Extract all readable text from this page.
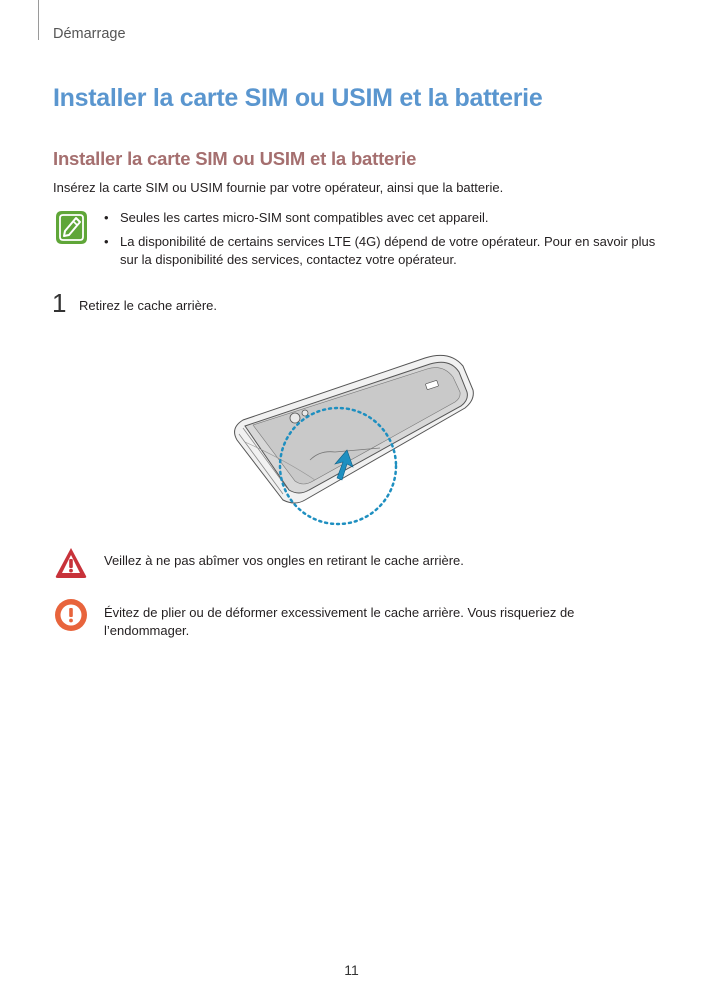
Démarrage
Installer la carte SIM ou USIM et la batterie
Installer la carte SIM ou USIM et la batterie
Insérez la carte SIM ou USIM fournie par votre opérateur, ainsi que la batterie.
• Seules les cartes micro-SIM sont compatibles avec cet appareil.
• La disponibilité de certains services LTE (4G) dépend de votre opérateur. Pour en savoir plus sur la disponibilité des services, contactez votre opérateur.
1 Retirez le cache arrière.
Veillez à ne pas abîmer vos ongles en retirant le cache arrière.
Évitez de plier ou de déformer excessivement le cache arrière. Vous risqueriez de l’endommager.
11
